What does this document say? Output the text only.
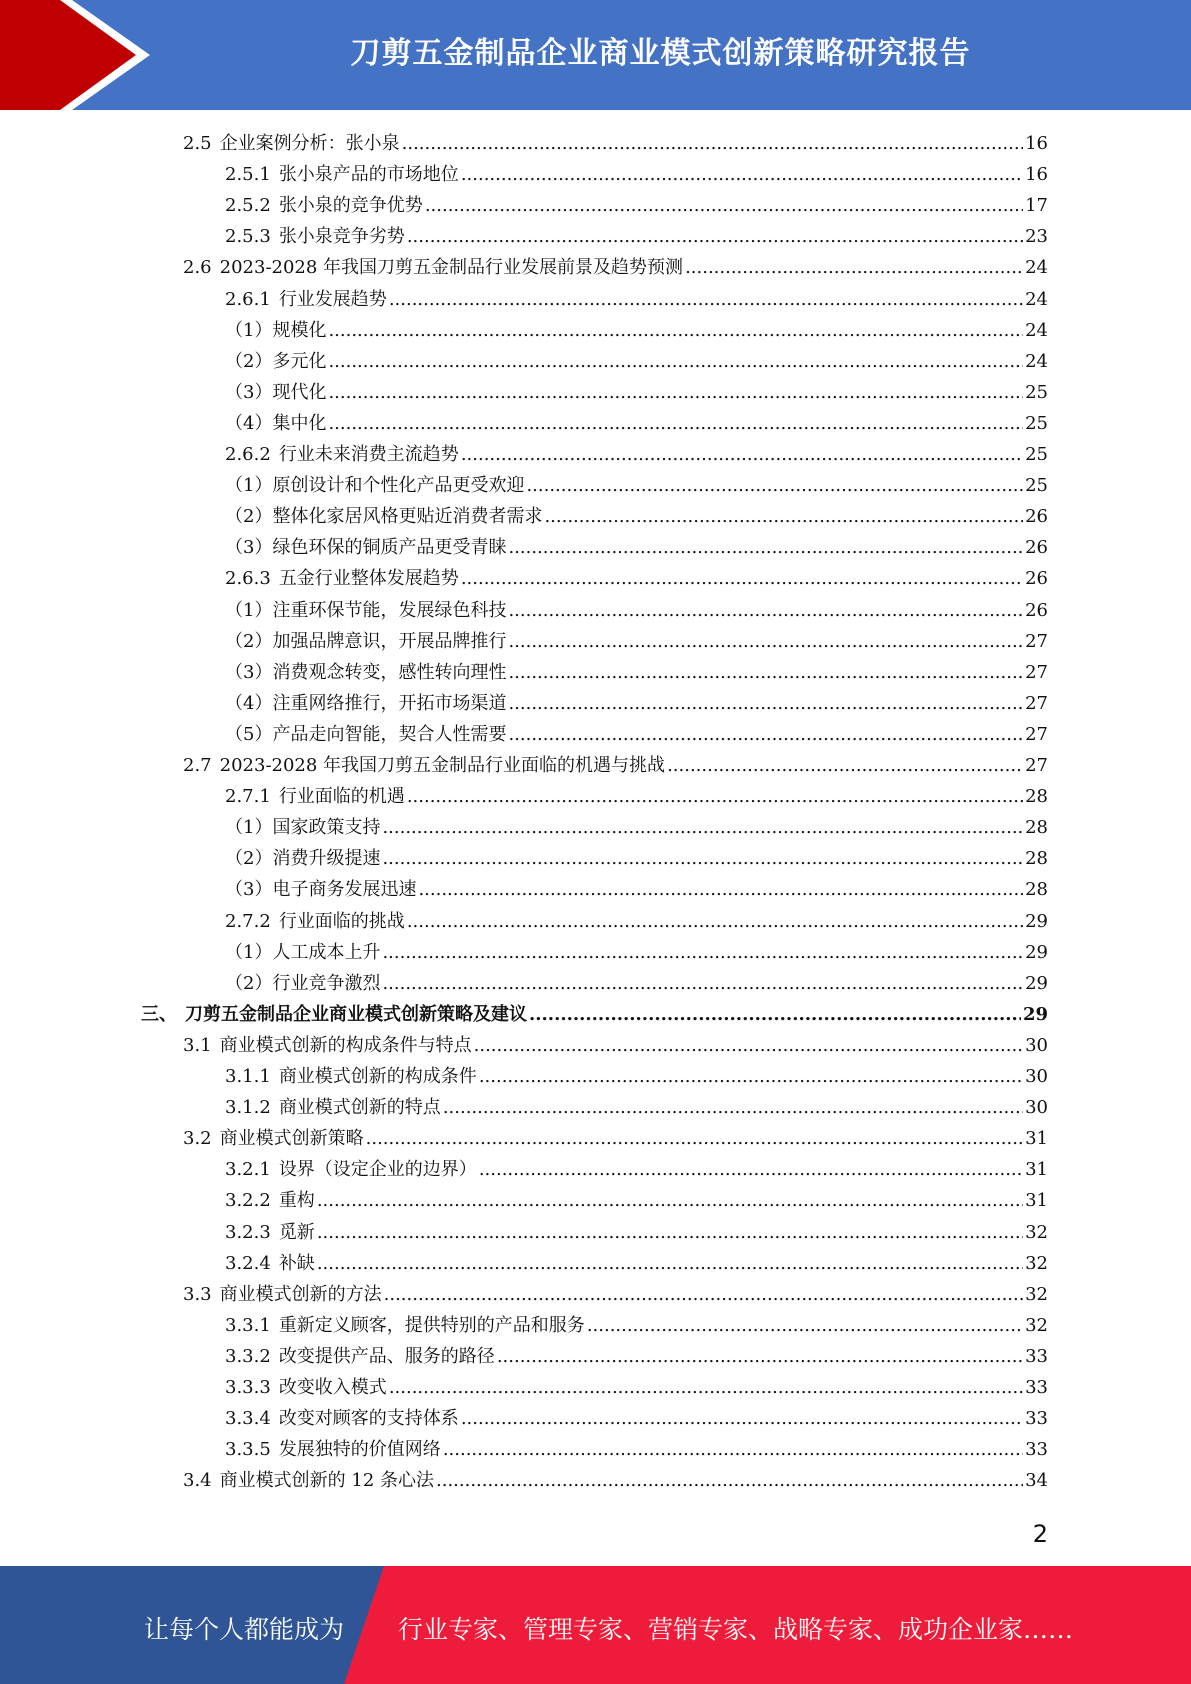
刀剪五金制品企业商业模式创新策略研究报告
2.5 企业案例分析：张小泉 .....	16
2.5.1 张小泉产品的市场地位 .....	16
2.5.2 张小泉的竞争优势 .....	17
2.5.3 张小泉竞争劣势 .....	23
2.6 2023-2028 年我国刀剪五金制品行业发展前景及趋势预测 .....	24
2.6.1 行业发展趋势 .....	24
（1） 规模化 .....	24
（2） 多元化 .....	24
（3） 现代化 .....	25
（4） 集中化 .....	25
2.6.2 行业未来消费主流趋势 .....	25
（1） 原创设计和个性化产品更受欢迎 .....	25
（2） 整体化家居风格更贴近消费者需求 .....	26
（3） 绿色环保的铜质产品更受青睐 .....	26
2.6.3 五金行业整体发展趋势 .....	26
（1） 注重环保节能，发展绿色科技 .....	26
（2） 加强品牌意识，开展品牌推行 .....	27
（3） 消费观念转变，感性转向理性 .....	27
（4） 注重网络推行，开拓市场渠道 .....	27
（5） 产品走向智能，契合人性需要 .....	27
2.7 2023-2028 年我国刀剪五金制品行业面临的机遇与挑战 .....	27
2.7.1 行业面临的机遇 .....	28
（1） 国家政策支持 .....	28
（2） 消费升级提速 .....	28
（3） 电子商务发展迅速 .....	28
2.7.2 行业面临的挑战 .....	29
（1） 人工成本上升 .....	29
（2） 行业竞争激烈 .....	29
三、 刀剪五金制品企业商业模式创新策略及建议 .....	29
3.1 商业模式创新的构成条件与特点 .....	30
3.1.1 商业模式创新的构成条件 .....	30
3.1.2 商业模式创新的特点 .....	30
3.2 商业模式创新策略 .....	31
3.2.1 设界（设定企业的边界） .....	31
3.2.2 重构 .....	31
3.2.3 觅新 .....	32
3.2.4 补缺 .....	32
3.3 商业模式创新的方法 .....	32
3.3.1 重新定义顾客，提供特别的产品和服务 .....	32
3.3.2 改变提供产品、服务的路径 .....	33
3.3.3 改变收入模式 .....	33
3.3.4 改变对顾客的支持体系 .....	33
3.3.5 发展独特的价值网络 .....	33
3.4 商业模式创新的 12 条心法 .....	34
2
让每个人都能成为 行业专家、管理专家、营销专家、战略专家、成功企业家……
